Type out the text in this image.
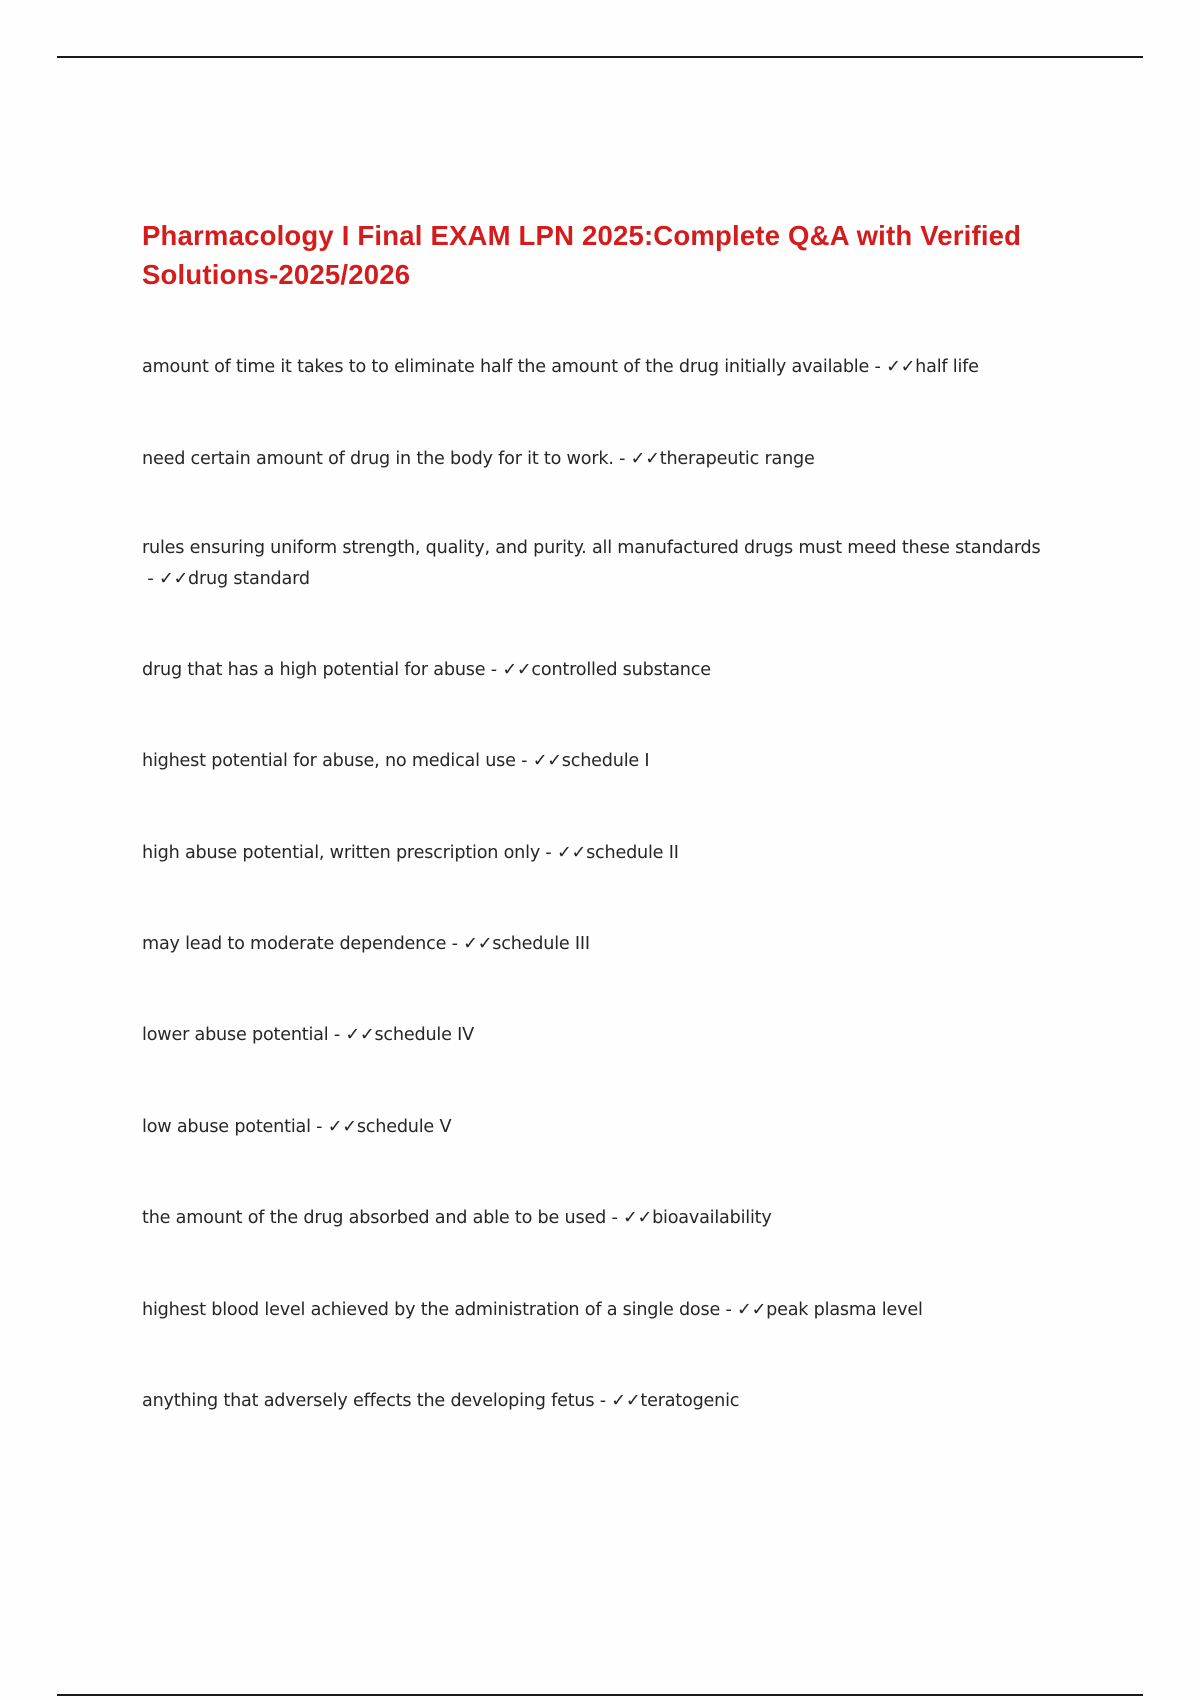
Pharmacology I Final EXAM LPN 2025:Complete Q&A with Verified Solutions-2025/2026

amount of time it takes to to eliminate half the amount of the drug initially available - ✓✓half life

need certain amount of drug in the body for it to work. - ✓✓therapeutic range

rules ensuring uniform strength, quality, and purity. all manufactured drugs must meed these standards - ✓✓drug standard

drug that has a high potential for abuse - ✓✓controlled substance

highest potential for abuse, no medical use - ✓✓schedule I

high abuse potential, written prescription only - ✓✓schedule II

may lead to moderate dependence - ✓✓schedule III

lower abuse potential - ✓✓schedule IV

low abuse potential - ✓✓schedule V

the amount of the drug absorbed and able to be used - ✓✓bioavailability

highest blood level achieved by the administration of a single dose - ✓✓peak plasma level

anything that adversely effects the developing fetus - ✓✓teratogenic
